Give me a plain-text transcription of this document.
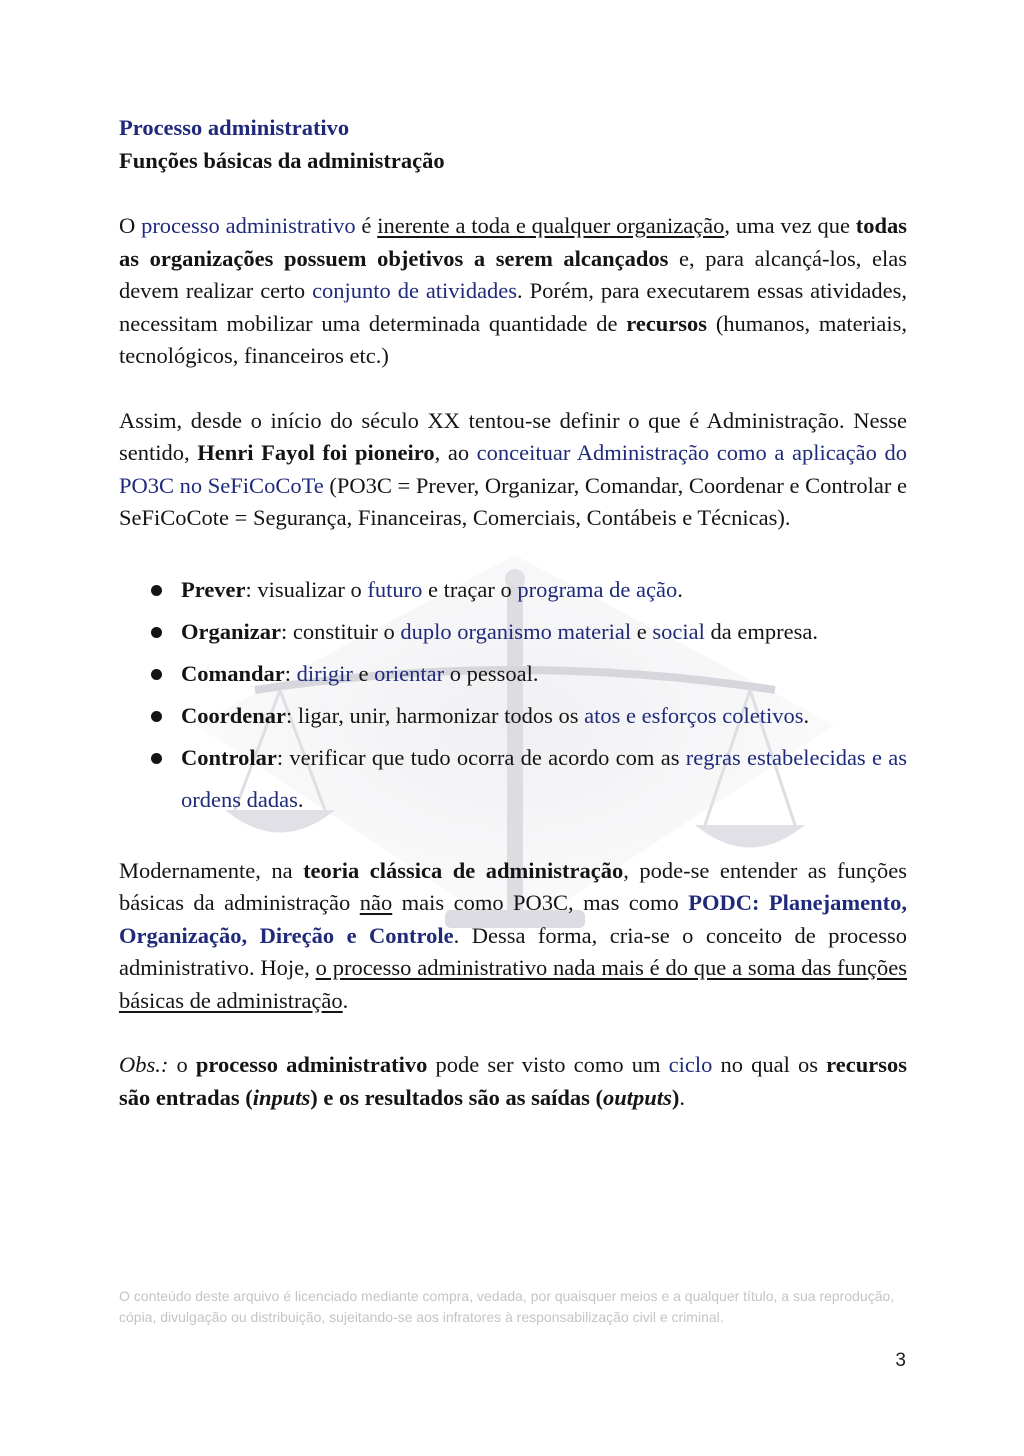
Processo administrativo

Funções básicas da administração

O processo administrativo é inerente a toda e qualquer organização, uma vez que todas as organizações possuem objetivos a serem alcançados e, para alcançá-los, elas devem realizar certo conjunto de atividades. Porém, para executarem essas atividades, necessitam mobilizar uma determinada quantidade de recursos (humanos, materiais, tecnológicos, financeiros etc.)

Assim, desde o início do século XX tentou-se definir o que é Administração. Nesse sentido, Henri Fayol foi pioneiro, ao conceituar Administração como a aplicação do PO3C no SeFiCoCoTe (PO3C = Prever, Organizar, Comandar, Coordenar e Controlar e SeFiCoCote = Segurança, Financeiras, Comerciais, Contábeis e Técnicas).

Prever: visualizar o futuro e traçar o programa de ação.
Organizar: constituir o duplo organismo material e social da empresa.
Comandar: dirigir e orientar o pessoal.
Coordenar: ligar, unir, harmonizar todos os atos e esforços coletivos.
Controlar: verificar que tudo ocorra de acordo com as regras estabelecidas e as ordens dadas.

Modernamente, na teoria clássica de administração, pode-se entender as funções básicas da administração não mais como PO3C, mas como PODC: Planejamento, Organização, Direção e Controle. Dessa forma, cria-se o conceito de processo administrativo. Hoje, o processo administrativo nada mais é do que a soma das funções básicas de administração.

Obs.: o processo administrativo pode ser visto como um ciclo no qual os recursos são entradas (inputs) e os resultados são as saídas (outputs).

O conteúdo deste arquivo é licenciado mediante compra, vedada, por quaisquer meios e a qualquer título, a sua reprodução, cópia, divulgação ou distribuição, sujeitando-se aos infratores à responsabilização civil e criminal.

3
